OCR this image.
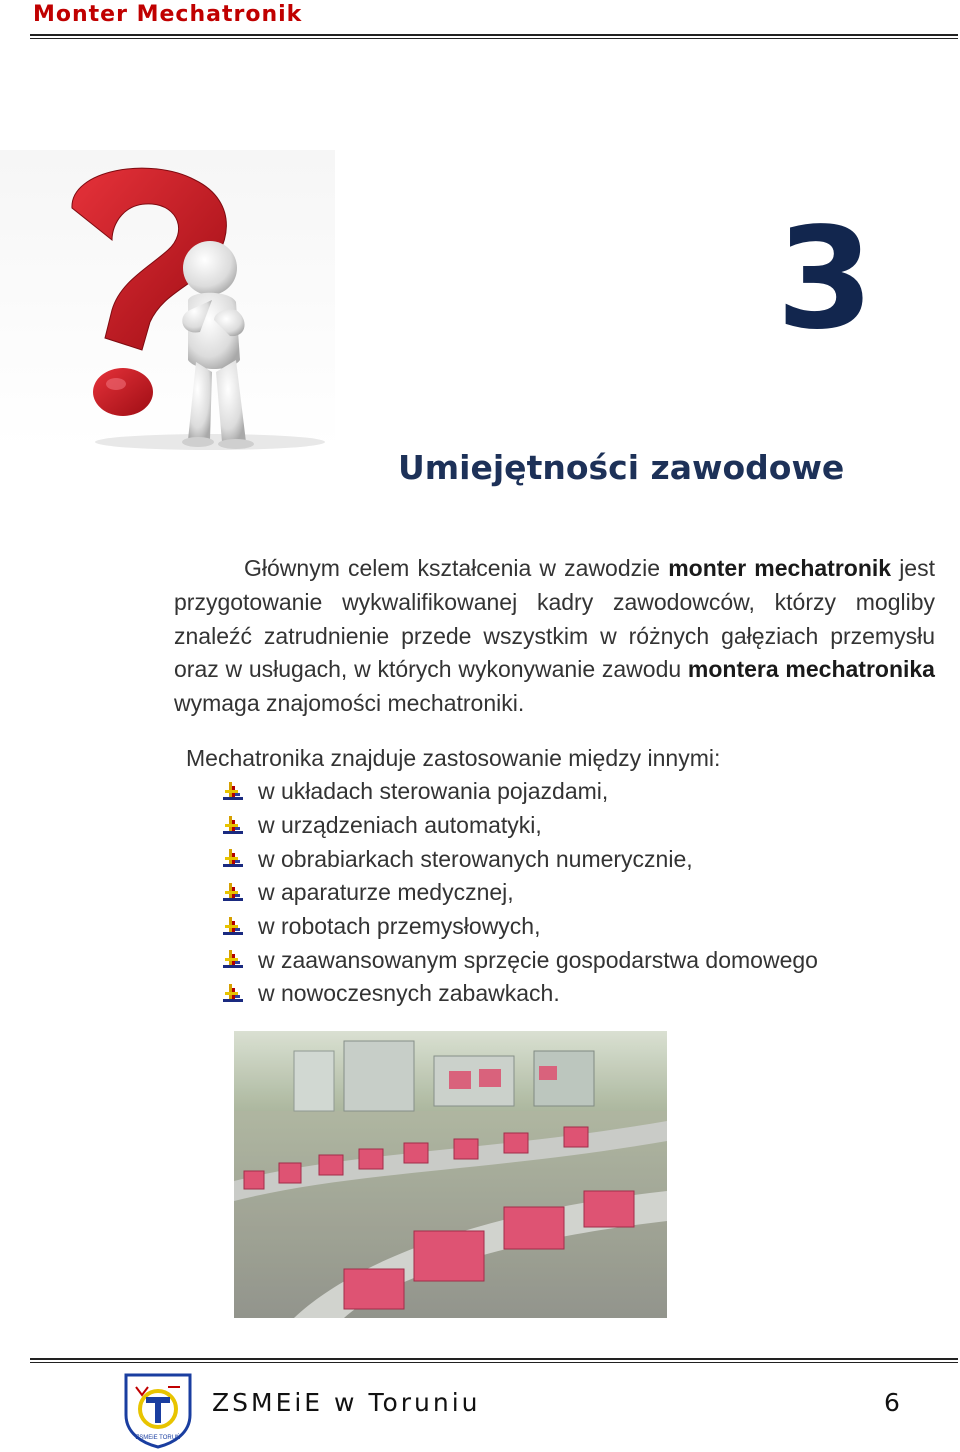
Monter Mechatronik
3
Umiejętności zawodowe
Głównym celem kształcenia w zawodzie monter mechatronik jest przygotowanie wykwalifikowanej kadry zawodowców, którzy mogliby znaleźć zatrudnienie przede wszystkim w różnych gałęziach przemysłu oraz w usługach, w których wykonywanie zawodu montera mechatronika wymaga znajomości mechatroniki.
Mechatronika znajduje zastosowanie między innymi:
w układach sterowania pojazdami,
w urządzeniach automatyki,
w obrabiarkach sterowanych numerycznie,
w aparaturze medycznej,
w robotach przemysłowych,
w zaawansowanym sprzęcie gospodarstwa domowego
w nowoczesnych zabawkach.
ZSMEiE TORUŃ
ZSMEiE w Toruniu	6
